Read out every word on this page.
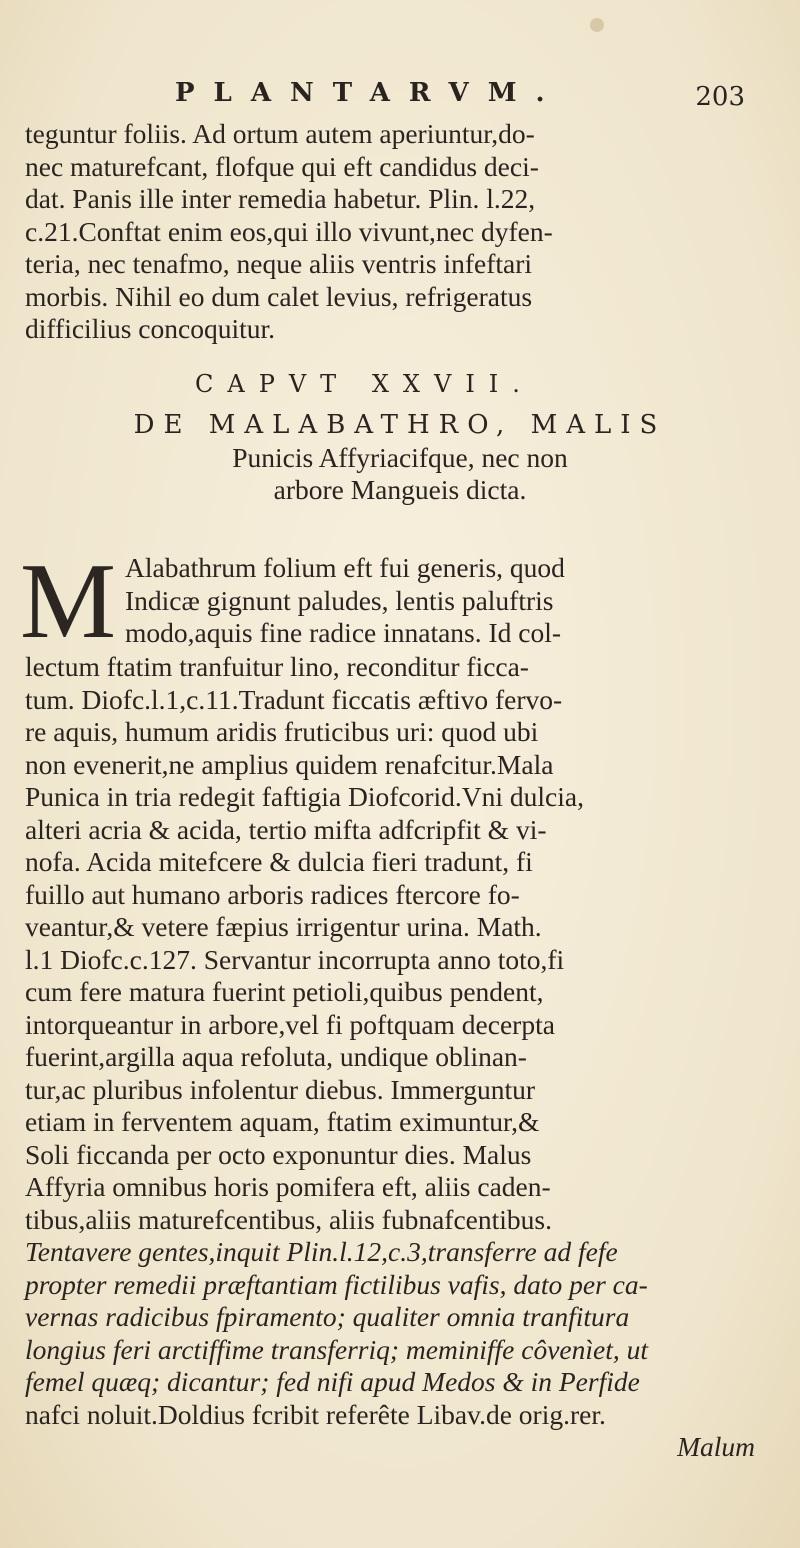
PLANTARVM.	203
teguntur foliis. Ad ortum autem aperiuntur,do-
nec maturefcant, flofque qui eft candidus deci-
dat. Panis ille inter remedia habetur. Plin. l.22,
c.21.Conftat enim eos,qui illo vivunt,nec dyfen-
teria, nec tenafmo, neque aliis ventris infeftari
morbis. Nihil eo dum calet levius, refrigeratus
difficilius concoquitur.
CAPVT XXVII.
DE MALABATHRO, MALIS
Punicis Affyriacifque, nec non
arbore Mangueis dicta.
M Alabathrum folium eft fui generis, quod
Indicæ gignunt paludes, lentis paluftris
modo,aquis fine radice innatans. Id col-
lectum ftatim tranfuitur lino, reconditur ficca-
tum. Diofc.l.1,c.11.Tradunt ficcatis æftivo fervo-
re aquis, humum aridis fruticibus uri: quod ubi
non evenerit,ne amplius quidem renafcitur.Mala
Punica in tria redegit faftigia Diofcorid.Vni dulcia,
alteri acria & acida, tertio mifta adfcripfit & vi-
nofa. Acida mitefcere & dulcia fieri tradunt, fi
fuillo aut humano arboris radices ftercore fo-
veantur,& vetere fæpius irrigentur urina. Math.
l.1 Diofc.c.127. Servantur incorrupta anno toto,fi
cum fere matura fuerint petioli,quibus pendent,
intorqueantur in arbore,vel fi poftquam decerpta
fuerint,argilla aqua refoluta, undique oblinan-
tur,ac pluribus infolentur diebus. Immerguntur
etiam in ferventem aquam, ftatim eximuntur,&
Soli ficcanda per octo exponuntur dies. Malus
Affyria omnibus horis pomifera eft, aliis caden-
tibus,aliis maturefcentibus, aliis fubnafcentibus.
Tentavere gentes,inquit Plin.l.12,c.3,transferre ad fefe
propter remedii præftantiam fictilibus vafis, dato per ca-
vernas radicibus fpiramento; qualiter omnia tranfitura
longius feri arctiffime transferriq; meminiffe côvenìet, ut
femel quæq; dicantur; fed nifi apud Medos & in Perfide
nafci noluit.Doldius fcribit referête Libav.de orig.rer.
Malum
